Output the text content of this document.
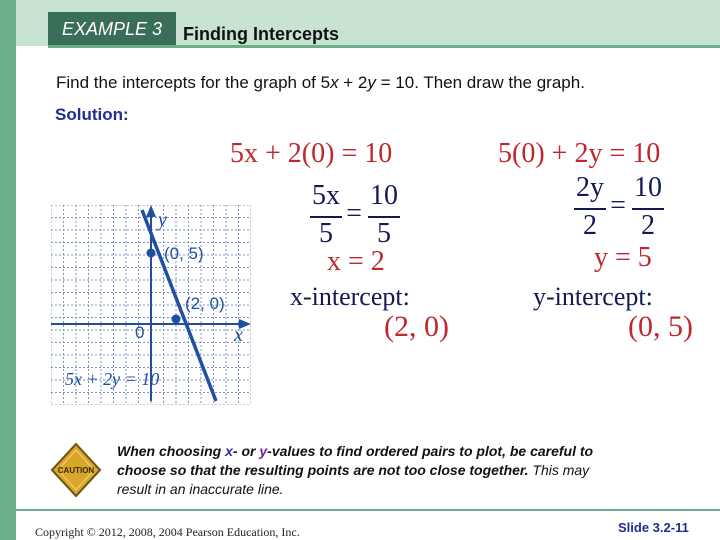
EXAMPLE 3	Finding Intercepts
Find the intercepts for the graph of 5x + 2y = 10. Then draw the graph.
Solution:
5x + 2(0) = 10
5x
5
=
10
5
x = 2
x-intercept:
(2, 0)
5(0) + 2y = 10
2y
2
=
10
2
y = 5
y-intercept:
(0, 5)
y
x
0
(0, 5)
(2, 0)
5x + 2y = 10
CAUTION
When choosing x- or y-values to find ordered pairs to plot, be careful to choose so that the resulting points are not too close together. This may result in an inaccurate line.
Copyright © 2012, 2008, 2004 Pearson Education, Inc.	Slide 3.2-11
